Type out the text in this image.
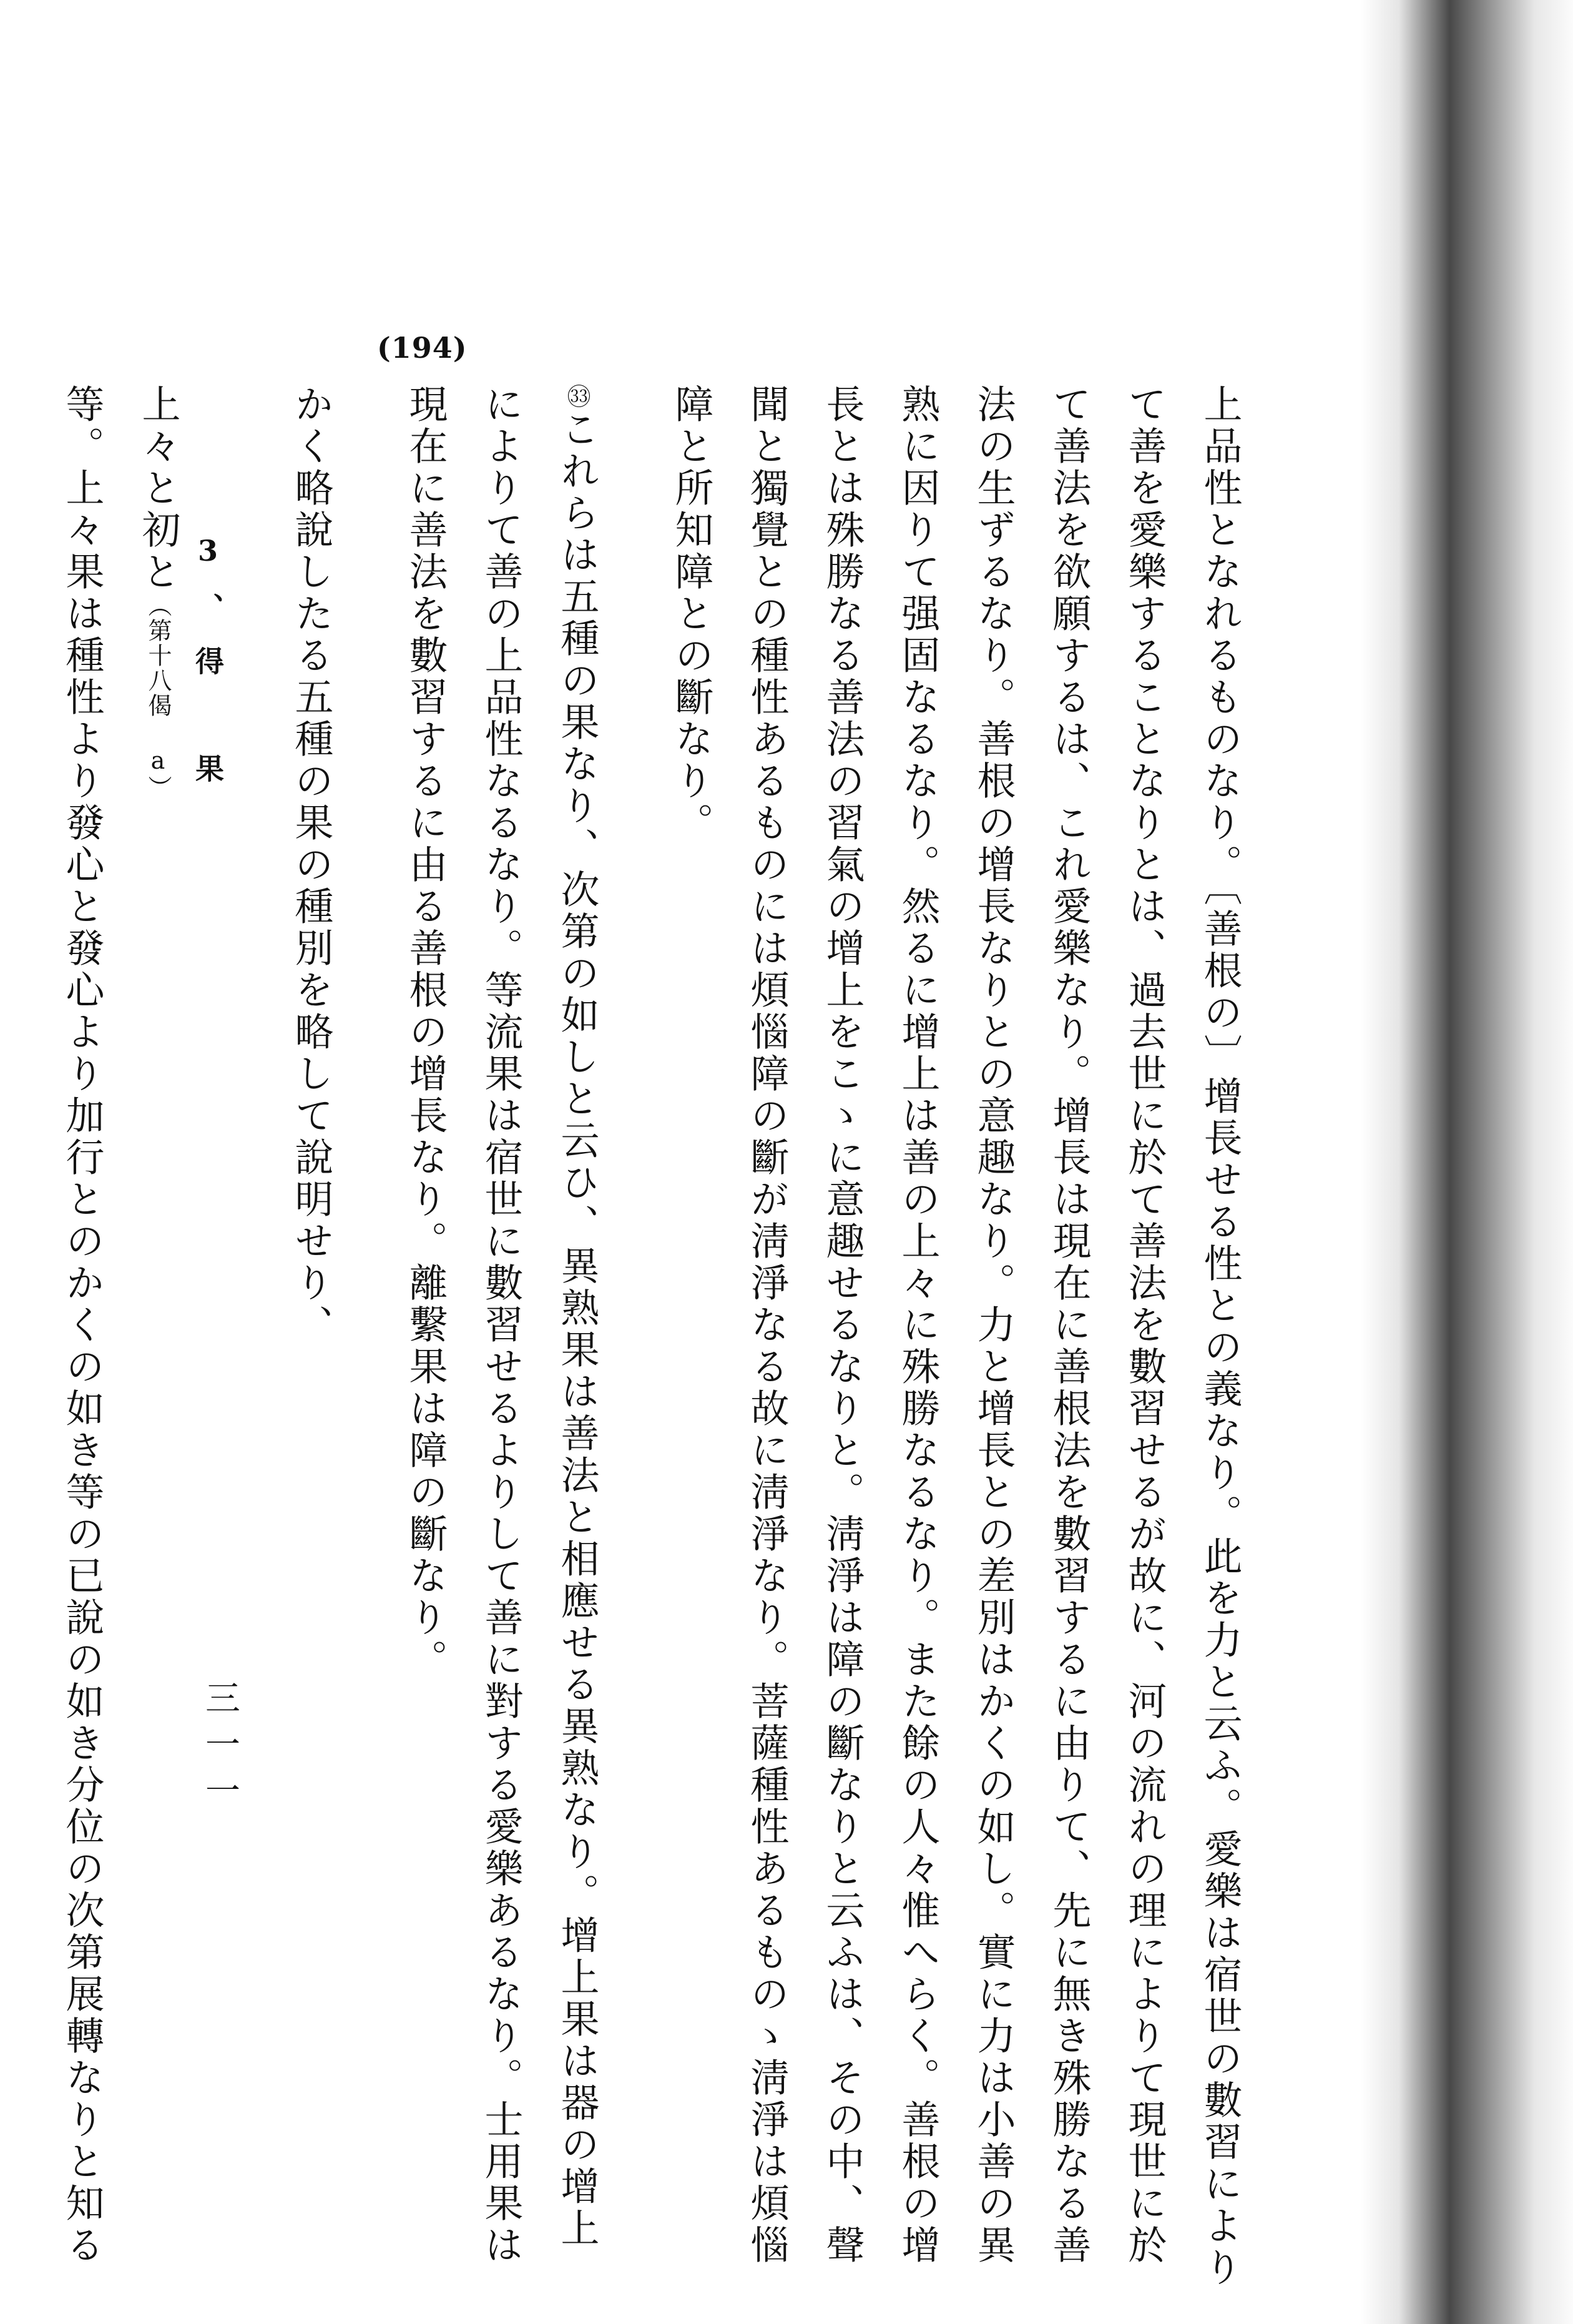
(194)
上品性となれるものなり。〔善根の〕增長せる性との義なり。此を力と云ふ。愛樂は宿世の數習により
て善を愛樂することなりとは、過去世に於て善法を數習せるが故に、河の流れの理によりて現世に於
て善法を欲願するは、これ愛樂なり。增長は現在に善根法を數習するに由りて、先に無き殊勝なる善
法の生ずるなり。善根の增長なりとの意趣なり。力と增長との差別はかくの如し。實に力は小善の異
熟に因りて强固なるなり。然るに增上は善の上々に殊勝なるなり。また餘の人々惟へらく。善根の增
長とは殊勝なる善法の習氣の增上をこゝに意趣せるなりと。淸淨は障の斷なりと云ふは、その中、聲
聞と獨覺との種性あるものには煩惱障の斷が淸淨なる故に淸淨なり。菩薩種性あるものゝ淸淨は煩惱
障と所知障との斷なり。
㉝これらは五種の果なり、次第の如しと云ひ、異熟果は善法と相應せる異熟なり。增上果は器の增上
によりて善の上品性なるなり。等流果は宿世に數習せるよりして善に對する愛樂あるなり。士用果は
現在に善法を數習するに由る善根の增長なり。離繫果は障の斷なり。
かく略說したる五種の果の種別を略して說明せり、
上々と初と（第十八偈 a）
等。上々果は種性より發心と發心より加行とのかくの如き等の已說の如き分位の次第展轉なりと知る	3、得　果
三一一
